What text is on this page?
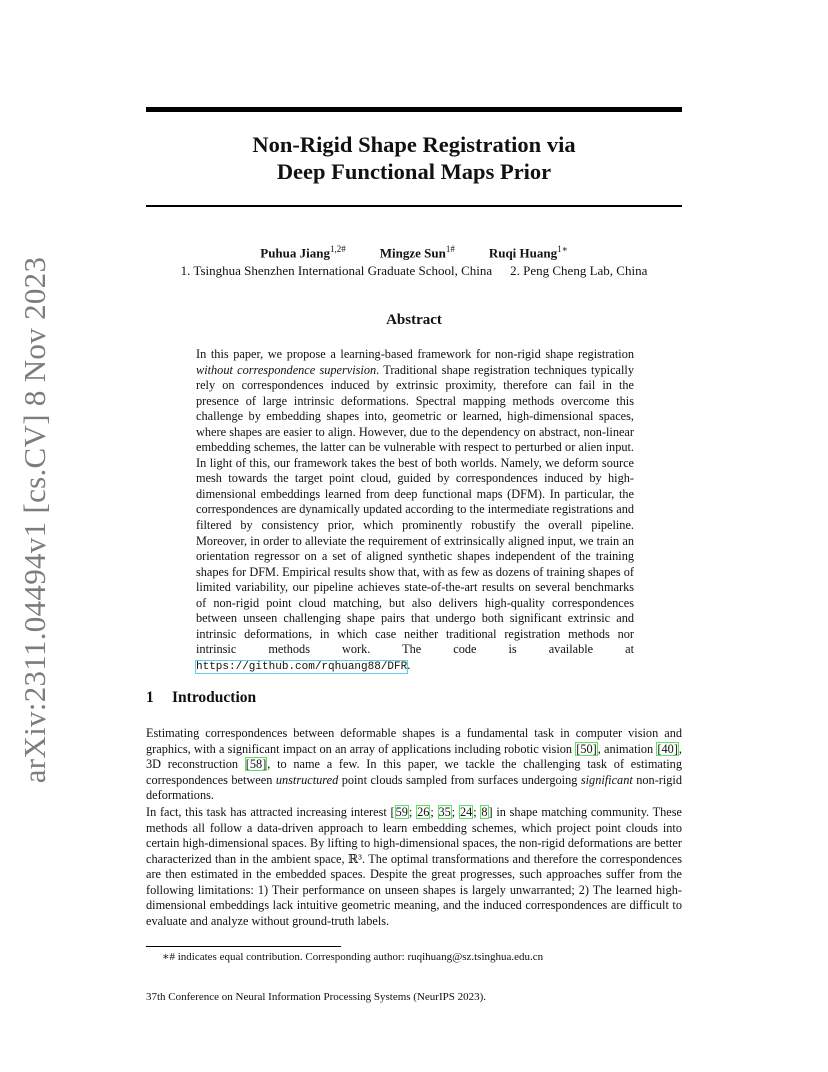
arXiv:2311.04494v1 [cs.CV] 8 Nov 2023
Non-Rigid Shape Registration via
Deep Functional Maps Prior
Puhua Jiang$^{1,2\#}$	Mingze Sun$^{1\#}$	Ruqi Huang$^{1∗}$
1. Tsinghua Shenzhen International Graduate School, China 2. Peng Cheng Lab, China
Abstract
In this paper, we propose a learning-based framework for non-rigid shape registration without correspondence supervision. Traditional shape registration techniques typically rely on correspondences induced by extrinsic proximity, therefore can fail in the presence of large intrinsic deformations. Spectral mapping methods overcome this challenge by embedding shapes into, geometric or learned, high-dimensional spaces, where shapes are easier to align. However, due to the dependency on abstract, non-linear embedding schemes, the latter can be vulnerable with respect to perturbed or alien input. In light of this, our framework takes the best of both worlds. Namely, we deform source mesh towards the target point cloud, guided by correspondences induced by high-dimensional embeddings learned from deep functional maps (DFM). In particular, the correspondences are dynamically updated according to the intermediate registrations and filtered by consistency prior, which prominently robustify the overall pipeline. Moreover, in order to alleviate the requirement of extrinsically aligned input, we train an orientation regressor on a set of aligned synthetic shapes independent of the training shapes for DFM. Empirical results show that, with as few as dozens of training shapes of limited variability, our pipeline achieves state-of-the-art results on several benchmarks of non-rigid point cloud matching, but also delivers high-quality correspondences between unseen challenging shape pairs that undergo both significant extrinsic and intrinsic deformations, in which case neither traditional registration methods nor intrinsic methods work. The code is available at https://github.com/rqhuang88/DFR.
1 Introduction
Estimating correspondences between deformable shapes is a fundamental task in computer vision and graphics, with a significant impact on an array of applications including robotic vision [50], animation [40], 3D reconstruction [58], to name a few. In this paper, we tackle the challenging task of estimating correspondences between unstructured point clouds sampled from surfaces undergoing significant non-rigid deformations.
In fact, this task has attracted increasing interest [59; 26; 35; 24; 8] in shape matching community. These methods all follow a data-driven approach to learn embedding schemes, which project point clouds into certain high-dimensional spaces. By lifting to high-dimensional spaces, the non-rigid deformations are better characterized than in the ambient space, ℝ³. The optimal transformations and therefore the correspondences are then estimated in the embedded spaces. Despite the great progresses, such approaches suffer from the following limitations: 1) Their performance on unseen shapes is largely unwarranted; 2) The learned high-dimensional embeddings lack intuitive geometric meaning, and the induced correspondences are difficult to evaluate and analyze without ground-truth labels.
∗# indicates equal contribution. Corresponding author: ruqihuang@sz.tsinghua.edu.cn
37th Conference on Neural Information Processing Systems (NeurIPS 2023).
